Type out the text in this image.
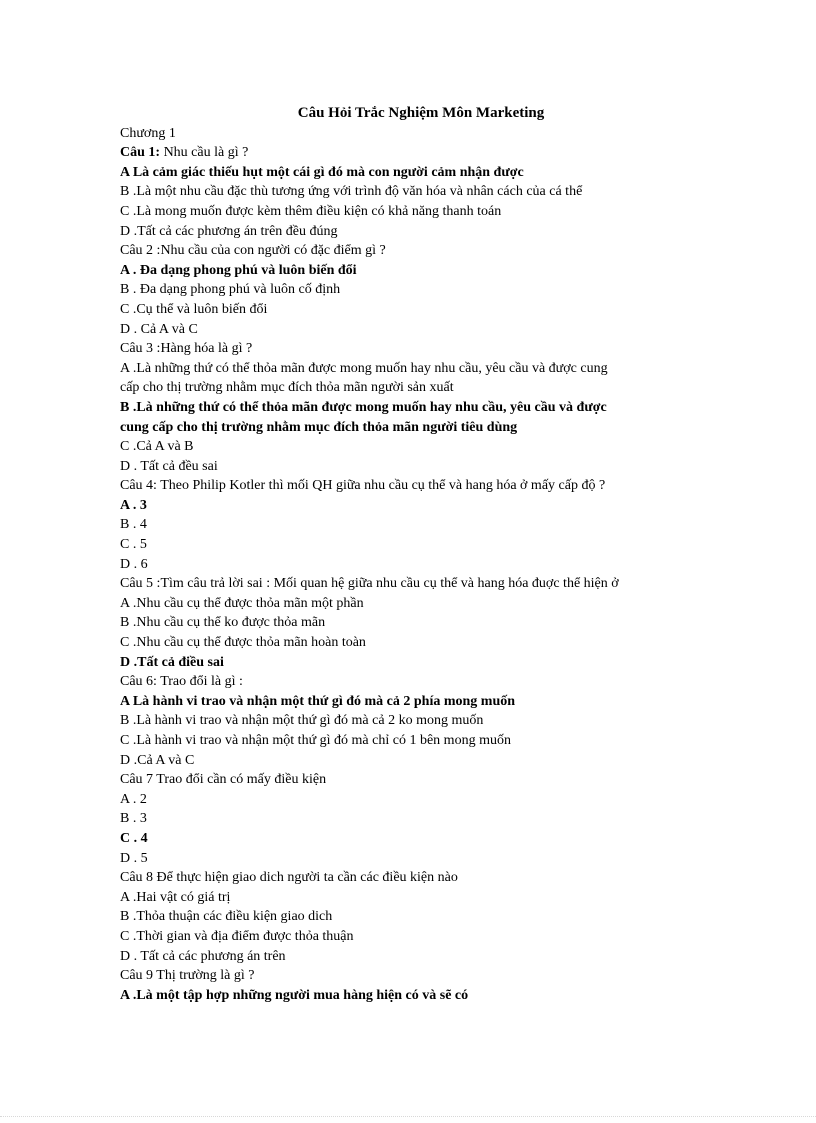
Câu Hỏi Trắc Nghiệm Môn Marketing
Chương 1
Câu 1: Nhu cầu là gì ?
A Là cảm giác thiếu hụt một cái gì đó mà con người cảm nhận được
B .Là một nhu cầu đặc thù tương ứng với trình độ văn hóa và nhân cách của cá thể
C .Là mong muốn được kèm thêm điều kiện có khả năng thanh toán
D .Tất cả các phương án trên đều đúng
Câu 2 :Nhu cầu của con người có đặc điểm gì ?
A . Đa dạng phong phú và luôn biến đổi
B . Đa dạng phong phú và luôn cố định
C .Cụ thể và luôn biến đổi
D . Cả A và C
Câu 3 :Hàng hóa là gì ?
A .Là những thứ có thể thỏa mãn được mong muốn hay nhu cầu, yêu cầu và được cung
cấp cho thị trường nhằm mục đích thỏa mãn người sản xuất
B .Là những thứ có thể thỏa mãn được mong muốn hay nhu cầu, yêu cầu và được
cung cấp cho thị trường nhằm mục đích thỏa mãn người tiêu dùng
C .Cả A và B
D . Tất cả đều sai
Câu 4: Theo Philip Kotler thì mối QH giữa nhu cầu cụ thể và hang hóa ở mấy cấp độ ?
A . 3
B . 4
C . 5
D . 6
Câu 5 :Tìm câu trả lời sai : Mối quan hệ giữa nhu cầu cụ thể và hang hóa đuợc thể hiện ở
A .Nhu cầu cụ thể được thỏa mãn một phần
B .Nhu cầu cụ thể ko được thỏa mãn
C .Nhu cầu cụ thể được thỏa mãn hoàn toàn
D .Tất cả điều sai
Câu 6: Trao đổi là gì :
A Là hành vi trao và nhận một thứ gì đó mà cả 2 phía mong muốn
B .Là hành vi trao và nhận một thứ gì đó mà cả 2 ko mong muốn
C .Là hành vi trao và nhận một thứ gì đó mà chỉ có 1 bên mong muốn
D .Cả A và C
Câu 7 Trao đổi cần có mấy điều kiện
A . 2
B . 3
C . 4
D . 5
Câu 8 Để thực hiện giao dich người ta cần các điều kiện nào
A .Hai vật có giá trị
B .Thỏa thuận các điều kiện giao dich
C .Thời gian và địa điểm được thỏa thuận
D . Tất cả các phương án trên
Câu 9 Thị trường là gì ?
A .Là một tập hợp những người mua hàng hiện có và sẽ có
